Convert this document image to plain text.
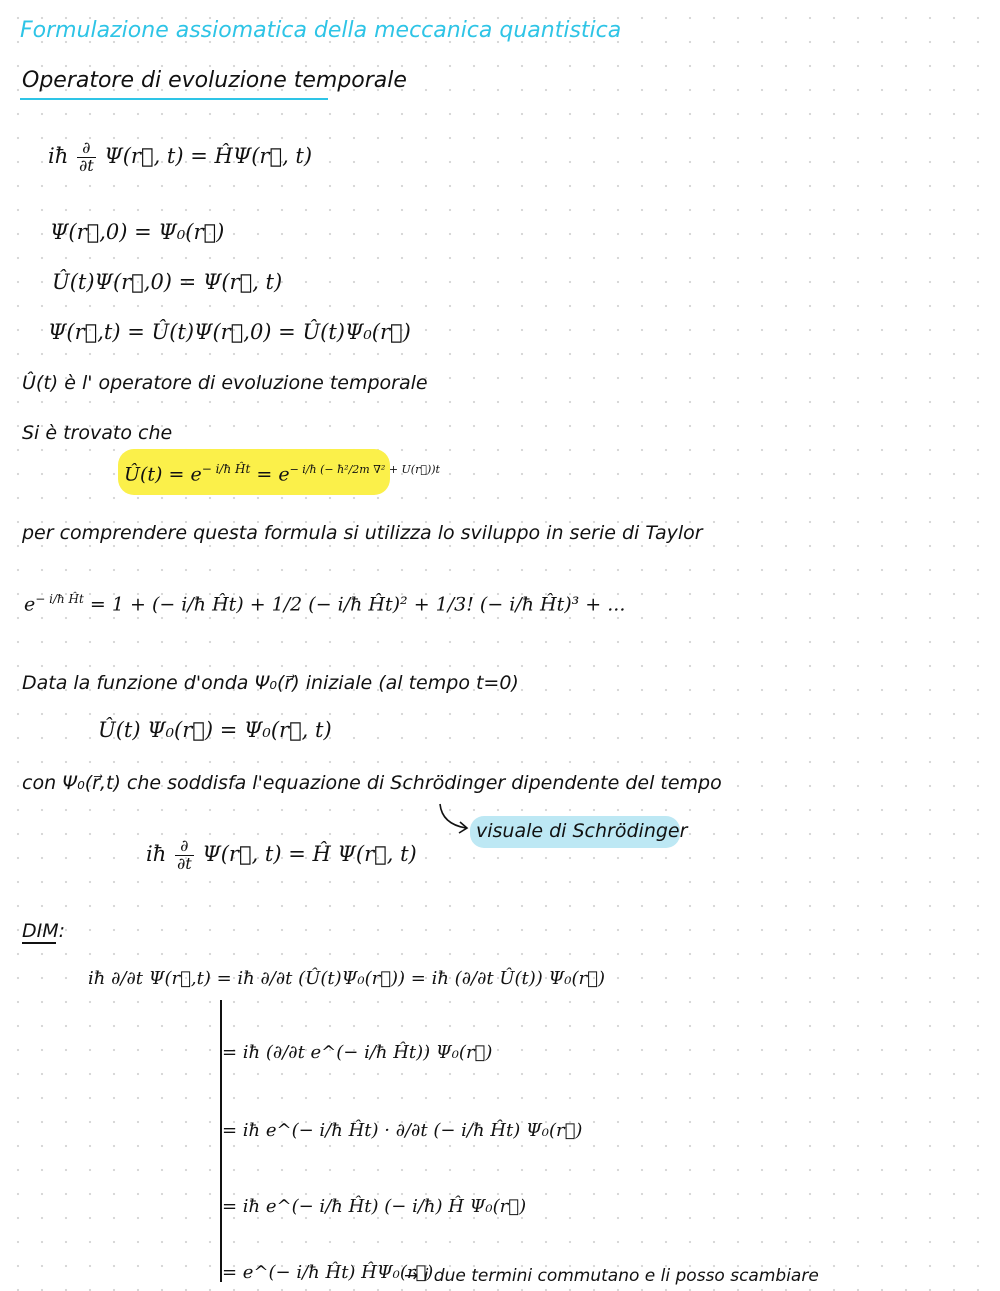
Formulazione assiomatica della meccanica quantistica
Operatore di evoluzione temporale
iħ $\frac{\partial}{\partial t}$ Ψ(r⃗, t) = ĤΨ(r⃗, t)
Ψ(r⃗,0) = Ψ₀(r⃗)
Û(t)Ψ(r⃗,0) = Ψ(r⃗, t)
Ψ(r⃗,t) = Û(t)Ψ(r⃗,0) = Û(t)Ψ₀(r⃗)
Û(t) è l' operatore di evoluzione temporale
Si è trovato che
Û(t) = $e^{- i/ħ Ĥt} = e^{- i/ħ (- ħ^2/2m \nabla^2 + U(r⃗))t}$
per comprendere questa formula si utilizza lo sviluppo in serie di Taylor
$e^{- i/ħ Ĥt} = 1$ + (− i/ħ Ĥt) + 1/2 (− i/ħ Ĥt)² + 1/3! (− i/ħ Ĥt)³ + ...
Data la funzione d'onda Ψ₀(r⃗) iniziale (al tempo t=0)
Û(t) Ψ₀(r⃗) = Ψ₀(r⃗, t)
con Ψ₀(r⃗,t) che soddisfa l'equazione di Schrödinger dipendente del tempo
visuale di Schrödinger
iħ $\frac{\partial}{\partial t}$ Ψ(r⃗, t) = Ĥ Ψ(r⃗, t)
DIM:
iħ ∂/∂t Ψ(r⃗,t) = iħ ∂/∂t (Û(t)Ψ₀(r⃗)) = iħ (∂/∂t Û(t)) Ψ₀(r⃗)
= iħ (∂/∂t e^(− i/ħ Ĥt)) Ψ₀(r⃗)
= iħ e^(− i/ħ Ĥt) · ∂/∂t (− i/ħ Ĥt) Ψ₀(r⃗)
= iħ e^(− i/ħ Ĥt) (− i/ħ) Ĥ Ψ₀(r⃗)
= e^(− i/ħ Ĥt) ĤΨ₀(r⃗)
→ i due termini commutano e li posso scambiare
